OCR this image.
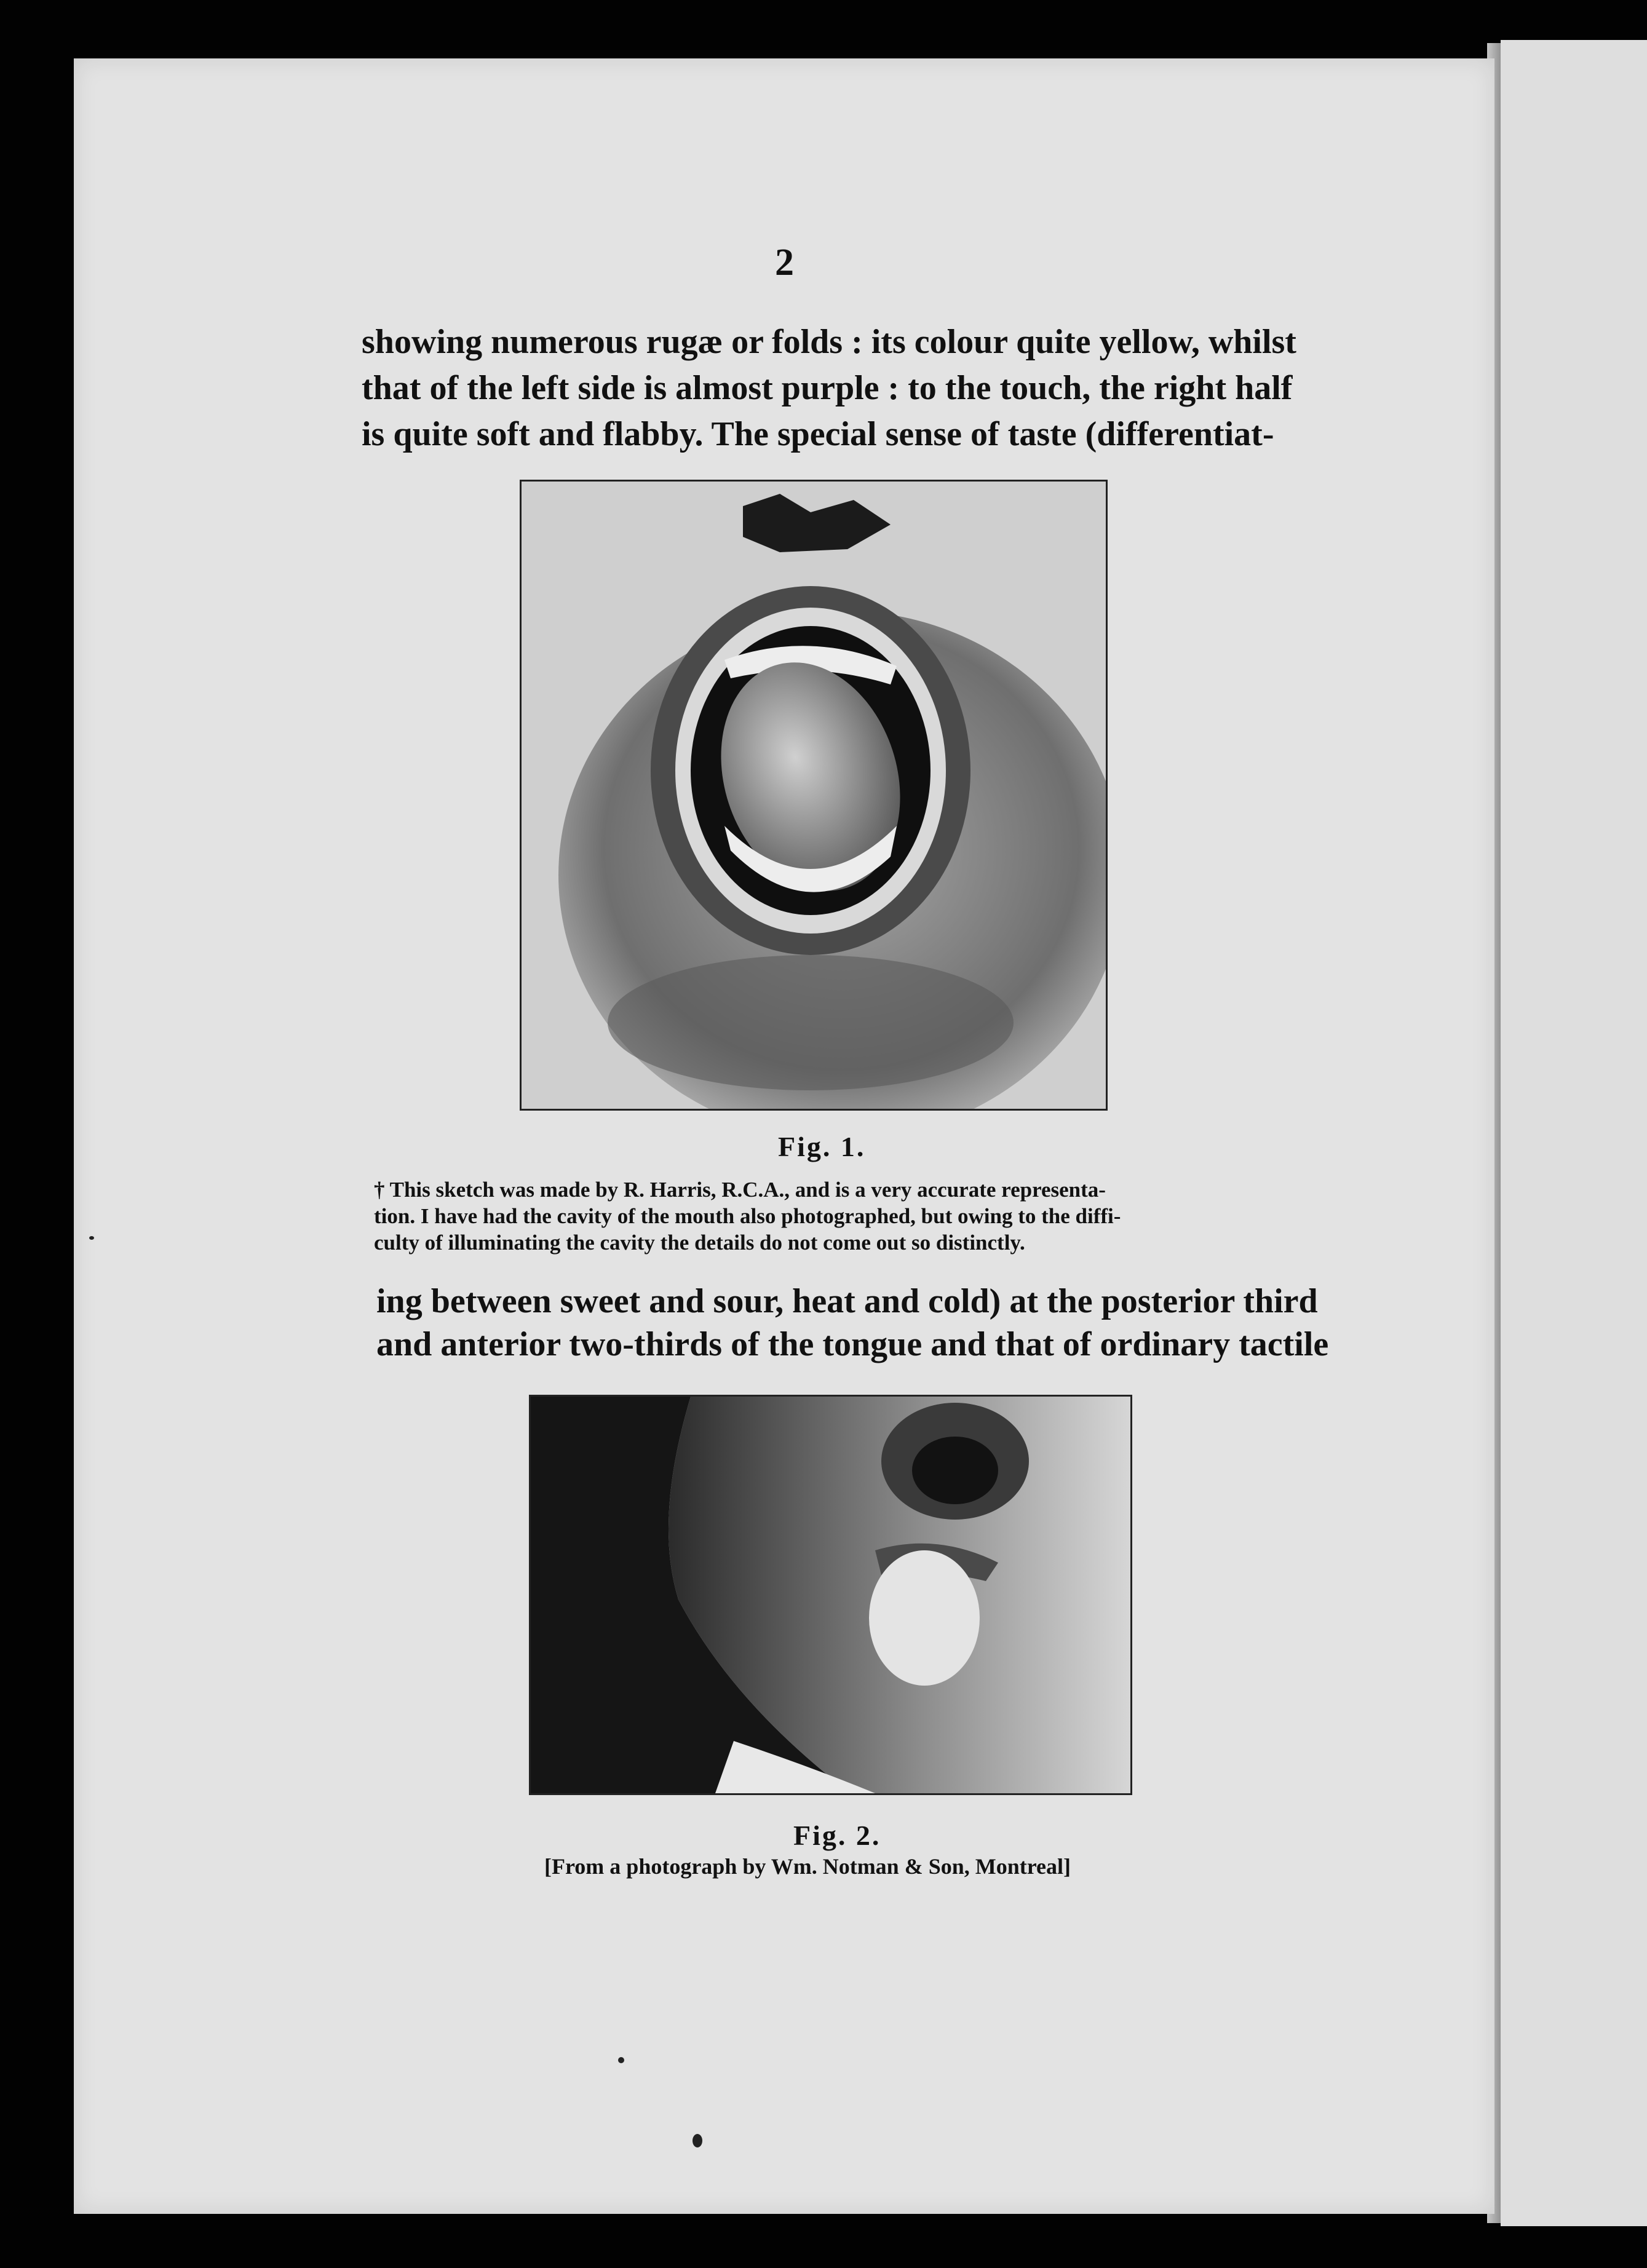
2
showing numerous rugæ or folds : its colour quite yellow, whilst
that of the left side is almost purple : to the touch, the right half
is quite soft and flabby. The special sense of taste (differentiat-
Fig. 1.
† This sketch was made by R. Harris, R.C.A., and is a very accurate representa-
tion. I have had the cavity of the mouth also photographed, but owing to the diffi-
culty of illuminating the cavity the details do not come out so distinctly.
ing between sweet and sour, heat and cold) at the posterior third
and anterior two-thirds of the tongue and that of ordinary tactile
Fig. 2.
[From a photograph by Wm. Notman & Son, Montreal]
